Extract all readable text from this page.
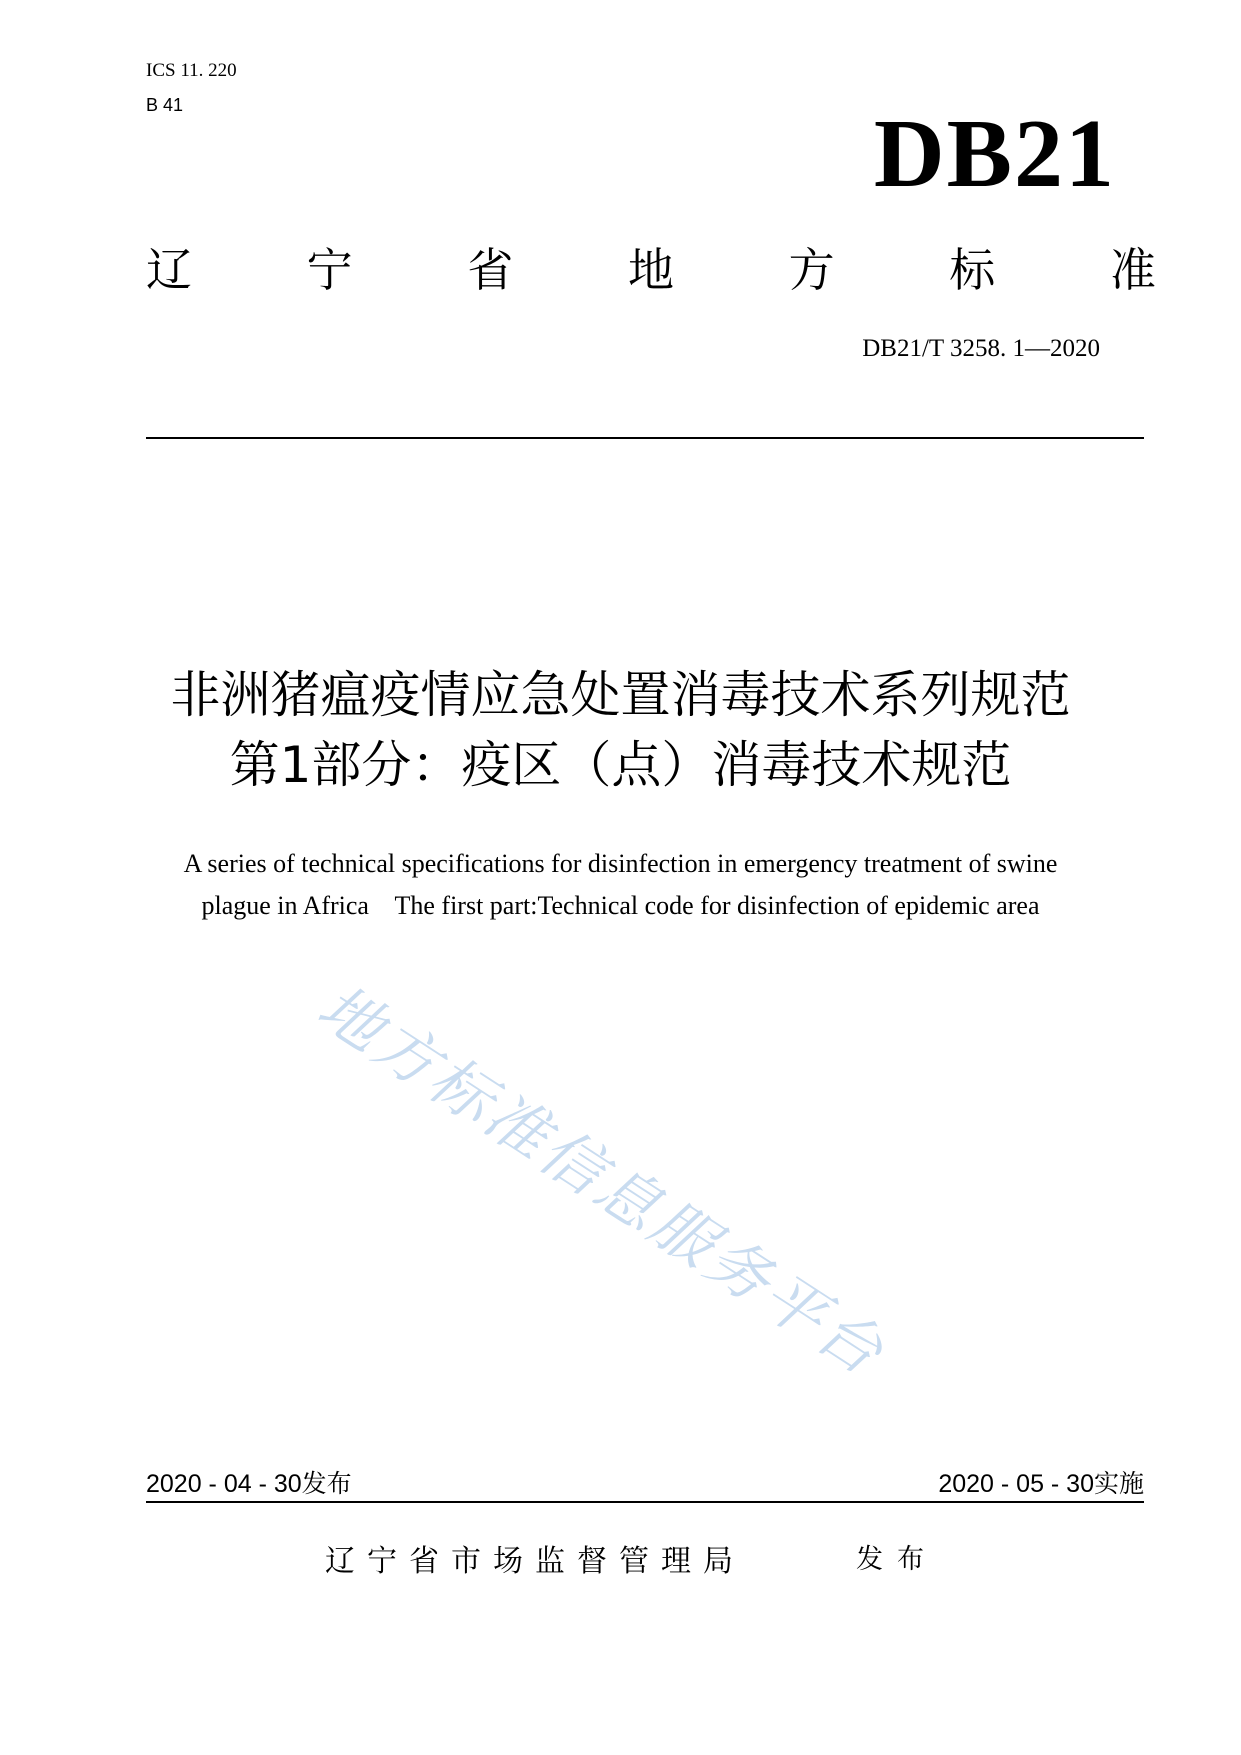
ICS 11. 220
B 41	DB21
辽 宁 省 地 方 标 准
DB21/T 3258. 1—2020
非洲猪瘟疫情应急处置消毒技术系列规范
第1部分：疫区（点）消毒技术规范
A series of technical specifications for disinfection in emergency treatment of swine
plague in Africa    The first part:Technical code for disinfection of epidemic area
地方标准信息服务平台
2020 - 04 - 30发布	2020 - 05 - 30实施
辽宁省市场监督管理局	发布
